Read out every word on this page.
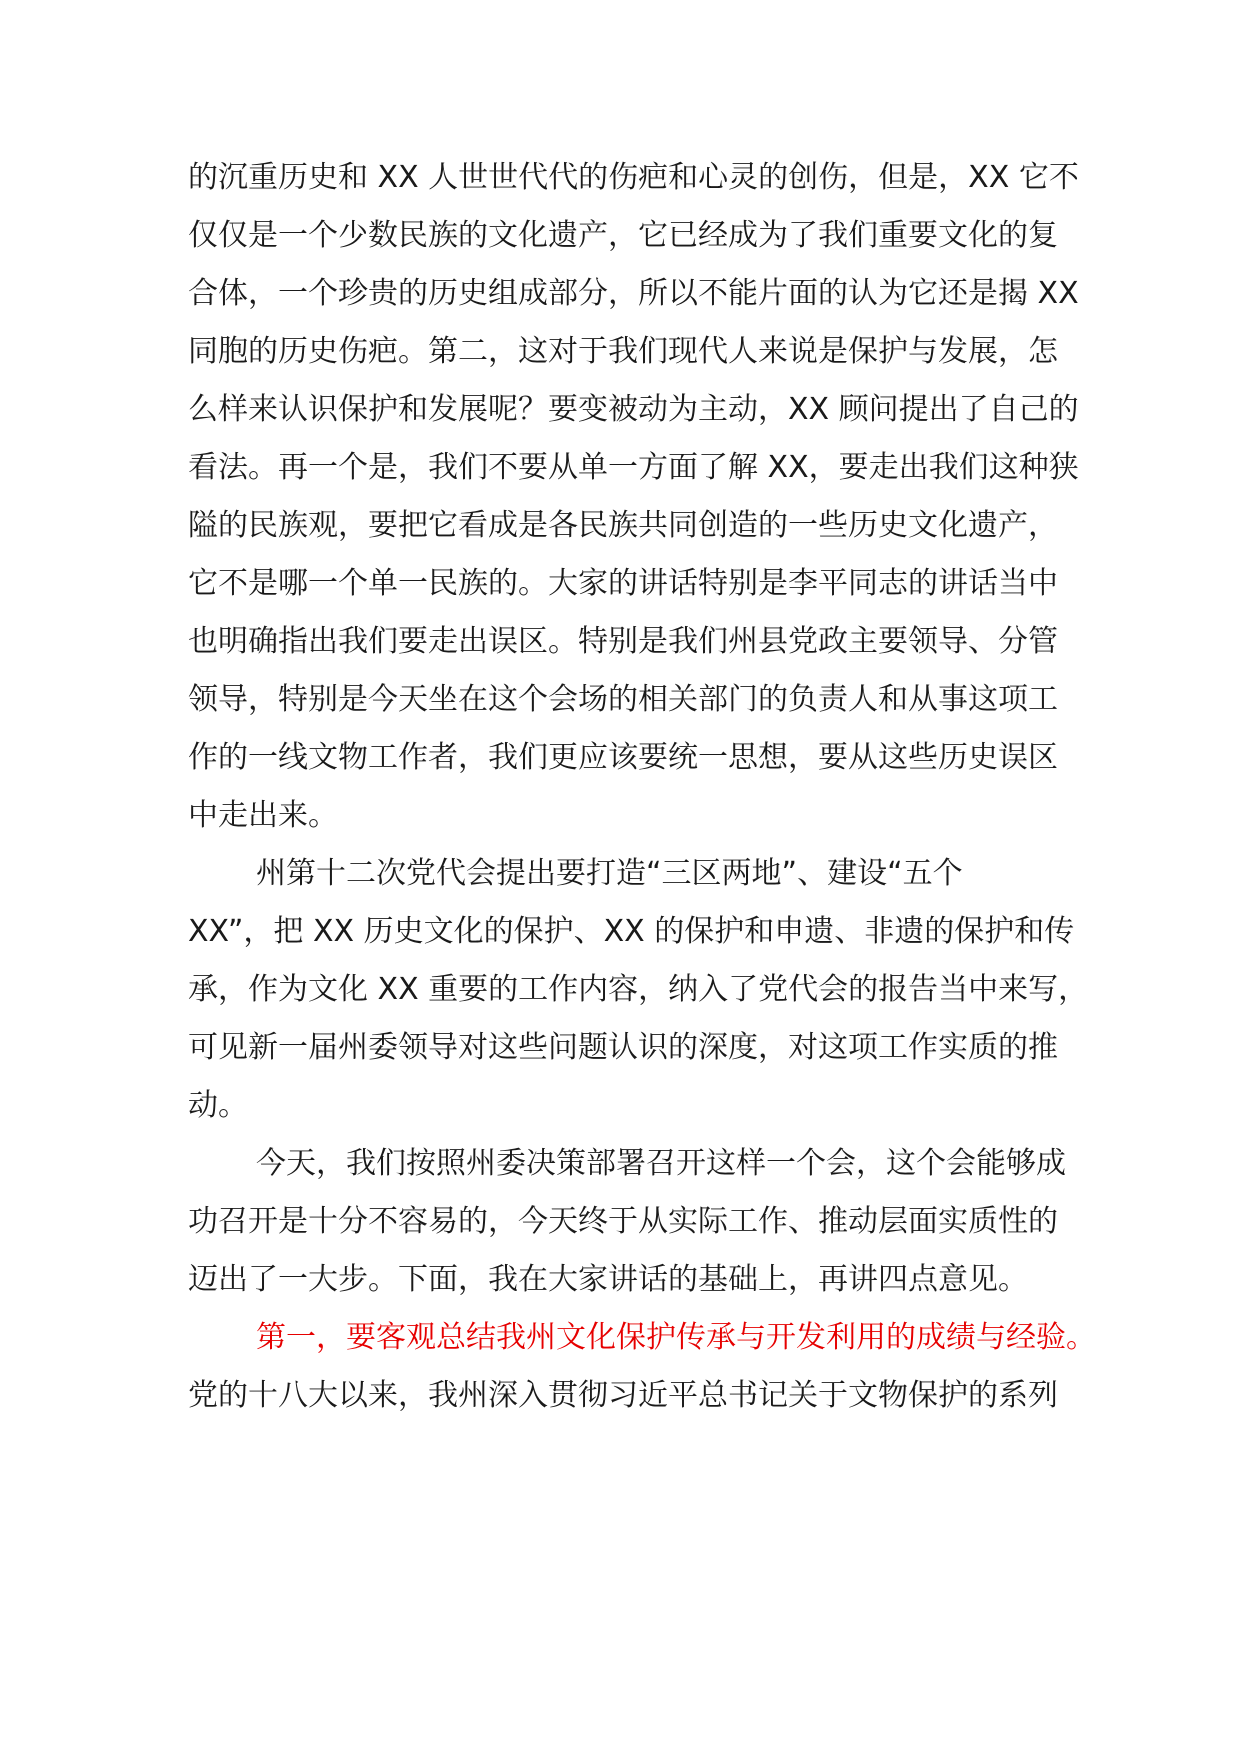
的沉重历史和 XX 人世世代代的伤疤和心灵的创伤，但是，XX 它不

仅仅是一个少数民族的文化遗产，它已经成为了我们重要文化的复

合体，一个珍贵的历史组成部分，所以不能片面的认为它还是揭 XX

同胞的历史伤疤。第二，这对于我们现代人来说是保护与发展，怎

么样来认识保护和发展呢？要变被动为主动，XX 顾问提出了自己的

看法。再一个是，我们不要从单一方面了解 XX，要走出我们这种狭

隘的民族观，要把它看成是各民族共同创造的一些历史文化遗产，

它不是哪一个单一民族的。大家的讲话特别是李平同志的讲话当中

也明确指出我们要走出误区。特别是我们州县党政主要领导、分管

领导，特别是今天坐在这个会场的相关部门的负责人和从事这项工

作的一线文物工作者，我们更应该要统一思想，要从这些历史误区

中走出来。

州第十二次党代会提出要打造“三区两地”、建设“五个

XX”，把 XX 历史文化的保护、XX 的保护和申遗、非遗的保护和传

承，作为文化 XX 重要的工作内容，纳入了党代会的报告当中来写，

可见新一届州委领导对这些问题认识的深度，对这项工作实质的推

动。

今天，我们按照州委决策部署召开这样一个会，这个会能够成

功召开是十分不容易的，今天终于从实际工作、推动层面实质性的

迈出了一大步。下面，我在大家讲话的基础上，再讲四点意见。

第一，要客观总结我州文化保护传承与开发利用的成绩与经验。

党的十八大以来，我州深入贯彻习近平总书记关于文物保护的系列
